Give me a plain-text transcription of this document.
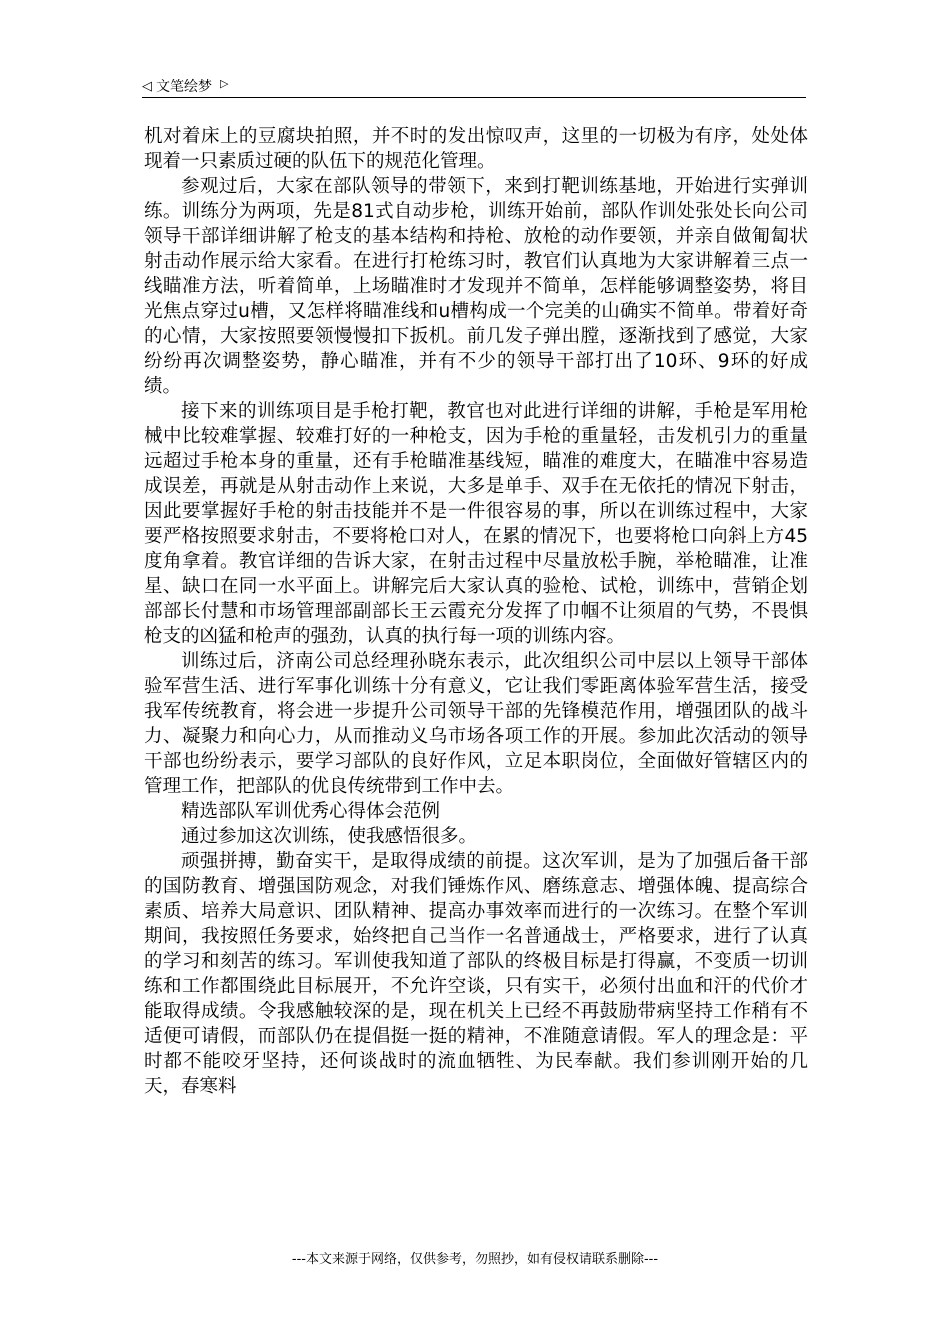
◁ 文笔绘梦 ▷

机对着床上的豆腐块拍照，并不时的发出惊叹声，这里的一切极为有序，处处体现着一只素质过硬的队伍下的规范化管理。

参观过后，大家在部队领导的带领下，来到打靶训练基地，开始进行实弹训练。训练分为两项，先是81式自动步枪，训练开始前，部队作训处张处长向公司领导干部详细讲解了枪支的基本结构和持枪、放枪的动作要领，并亲自做匍匐状射击动作展示给大家看。在进行打枪练习时，教官们认真地为大家讲解着三点一线瞄准方法，听着简单，上场瞄准时才发现并不简单，怎样能够调整姿势，将目光焦点穿过u槽，又怎样将瞄准线和u槽构成一个完美的山确实不简单。带着好奇的心情，大家按照要领慢慢扣下扳机。前几发子弹出膛，逐渐找到了感觉，大家纷纷再次调整姿势，静心瞄准，并有不少的领导干部打出了10环、9环的好成绩。

接下来的训练项目是手枪打靶，教官也对此进行详细的讲解，手枪是军用枪械中比较难掌握、较难打好的一种枪支，因为手枪的重量轻，击发机引力的重量远超过手枪本身的重量，还有手枪瞄准基线短，瞄准的难度大，在瞄准中容易造成误差，再就是从射击动作上来说，大多是单手、双手在无依托的情况下射击，因此要掌握好手枪的射击技能并不是一件很容易的事，所以在训练过程中，大家要严格按照要求射击，不要将枪口对人，在累的情况下，也要将枪口向斜上方45度角拿着。教官详细的告诉大家，在射击过程中尽量放松手腕，举枪瞄准，让准星、缺口在同一水平面上。讲解完后大家认真的验枪、试枪，训练中，营销企划部部长付慧和市场管理部副部长王云霞充分发挥了巾帼不让须眉的气势，不畏惧枪支的凶猛和枪声的强劲，认真的执行每一项的训练内容。

训练过后，济南公司总经理孙晓东表示，此次组织公司中层以上领导干部体验军营生活、进行军事化训练十分有意义，它让我们零距离体验军营生活，接受我军传统教育，将会进一步提升公司领导干部的先锋模范作用，增强团队的战斗力、凝聚力和向心力，从而推动义乌市场各项工作的开展。参加此次活动的领导干部也纷纷表示，要学习部队的良好作风，立足本职岗位，全面做好管辖区内的管理工作，把部队的优良传统带到工作中去。

精选部队军训优秀心得体会范例

通过参加这次训练，使我感悟很多。

顽强拼搏，勤奋实干，是取得成绩的前提。这次军训，是为了加强后备干部的国防教育、增强国防观念，对我们锤炼作风、磨练意志、增强体魄、提高综合素质、培养大局意识、团队精神、提高办事效率而进行的一次练习。在整个军训期间，我按照任务要求，始终把自己当作一名普通战士，严格要求，进行了认真的学习和刻苦的练习。军训使我知道了部队的终极目标是打得赢，不变质一切训练和工作都围绕此目标展开，不允许空谈，只有实干，必须付出血和汗的代价才能取得成绩。令我感触较深的是，现在机关上已经不再鼓励带病坚持工作稍有不适便可请假，而部队仍在提倡挺一挺的精神，不准随意请假。军人的理念是：平时都不能咬牙坚持，还何谈战时的流血牺牲、为民奉献。我们参训刚开始的几天，春寒料

---本文来源于网络，仅供参考，勿照抄，如有侵权请联系删除---
